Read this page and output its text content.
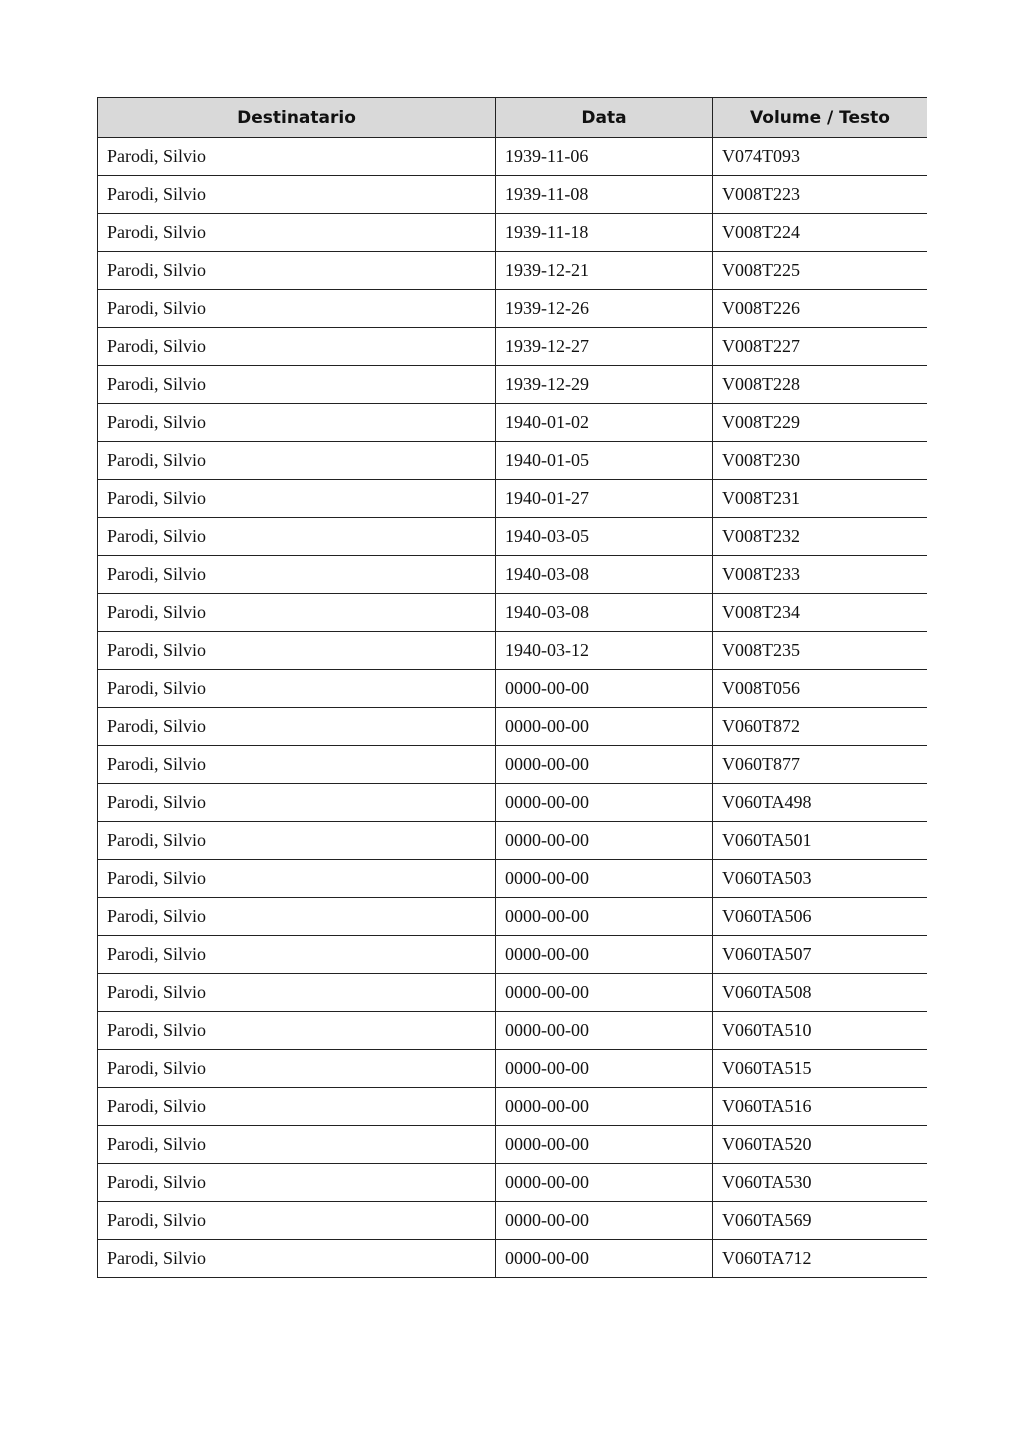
Destinatario	Data	Volume / Testo
Parodi, Silvio	1939-11-06	V074T093
Parodi, Silvio	1939-11-08	V008T223
Parodi, Silvio	1939-11-18	V008T224
Parodi, Silvio	1939-12-21	V008T225
Parodi, Silvio	1939-12-26	V008T226
Parodi, Silvio	1939-12-27	V008T227
Parodi, Silvio	1939-12-29	V008T228
Parodi, Silvio	1940-01-02	V008T229
Parodi, Silvio	1940-01-05	V008T230
Parodi, Silvio	1940-01-27	V008T231
Parodi, Silvio	1940-03-05	V008T232
Parodi, Silvio	1940-03-08	V008T233
Parodi, Silvio	1940-03-08	V008T234
Parodi, Silvio	1940-03-12	V008T235
Parodi, Silvio	0000-00-00	V008T056
Parodi, Silvio	0000-00-00	V060T872
Parodi, Silvio	0000-00-00	V060T877
Parodi, Silvio	0000-00-00	V060TA498
Parodi, Silvio	0000-00-00	V060TA501
Parodi, Silvio	0000-00-00	V060TA503
Parodi, Silvio	0000-00-00	V060TA506
Parodi, Silvio	0000-00-00	V060TA507
Parodi, Silvio	0000-00-00	V060TA508
Parodi, Silvio	0000-00-00	V060TA510
Parodi, Silvio	0000-00-00	V060TA515
Parodi, Silvio	0000-00-00	V060TA516
Parodi, Silvio	0000-00-00	V060TA520
Parodi, Silvio	0000-00-00	V060TA530
Parodi, Silvio	0000-00-00	V060TA569
Parodi, Silvio	0000-00-00	V060TA712
